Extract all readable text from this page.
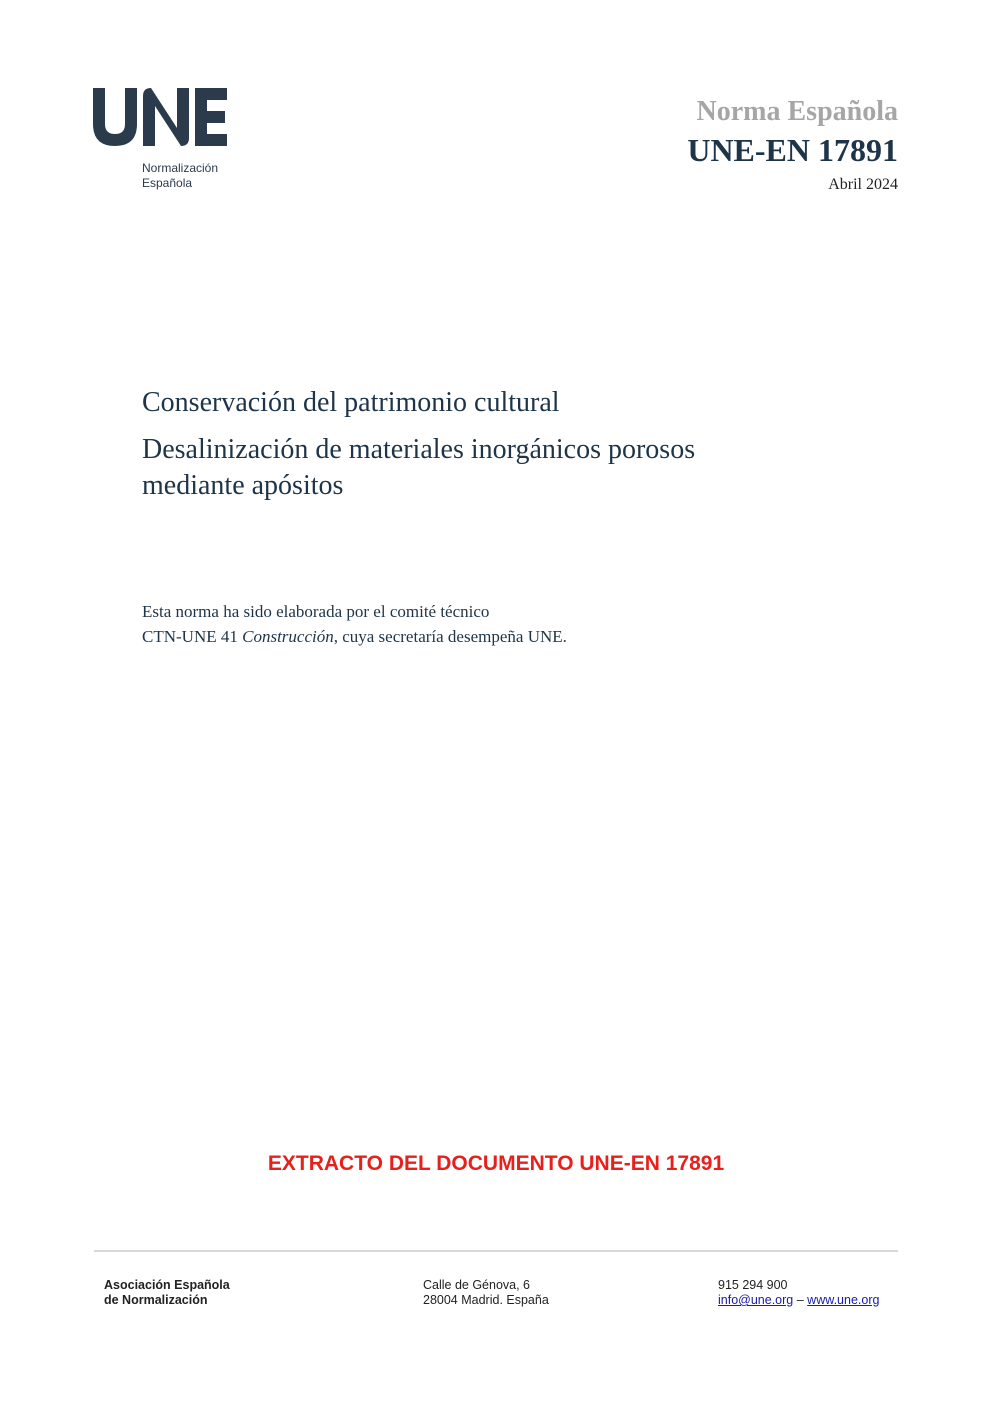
Normalización
Española
Norma Española
UNE-EN 17891
Abril 2024
Conservación del patrimonio cultural
Desalinización de materiales inorgánicos porosos
mediante apósitos
Esta norma ha sido elaborada por el comité técnico
CTN-UNE 41 Construcción, cuya secretaría desempeña UNE.
EXTRACTO DEL DOCUMENTO UNE-EN 17891
Asociación Española
de Normalización
Calle de Génova, 6
28004 Madrid. España
915 294 900
info@une.org – www.une.org
